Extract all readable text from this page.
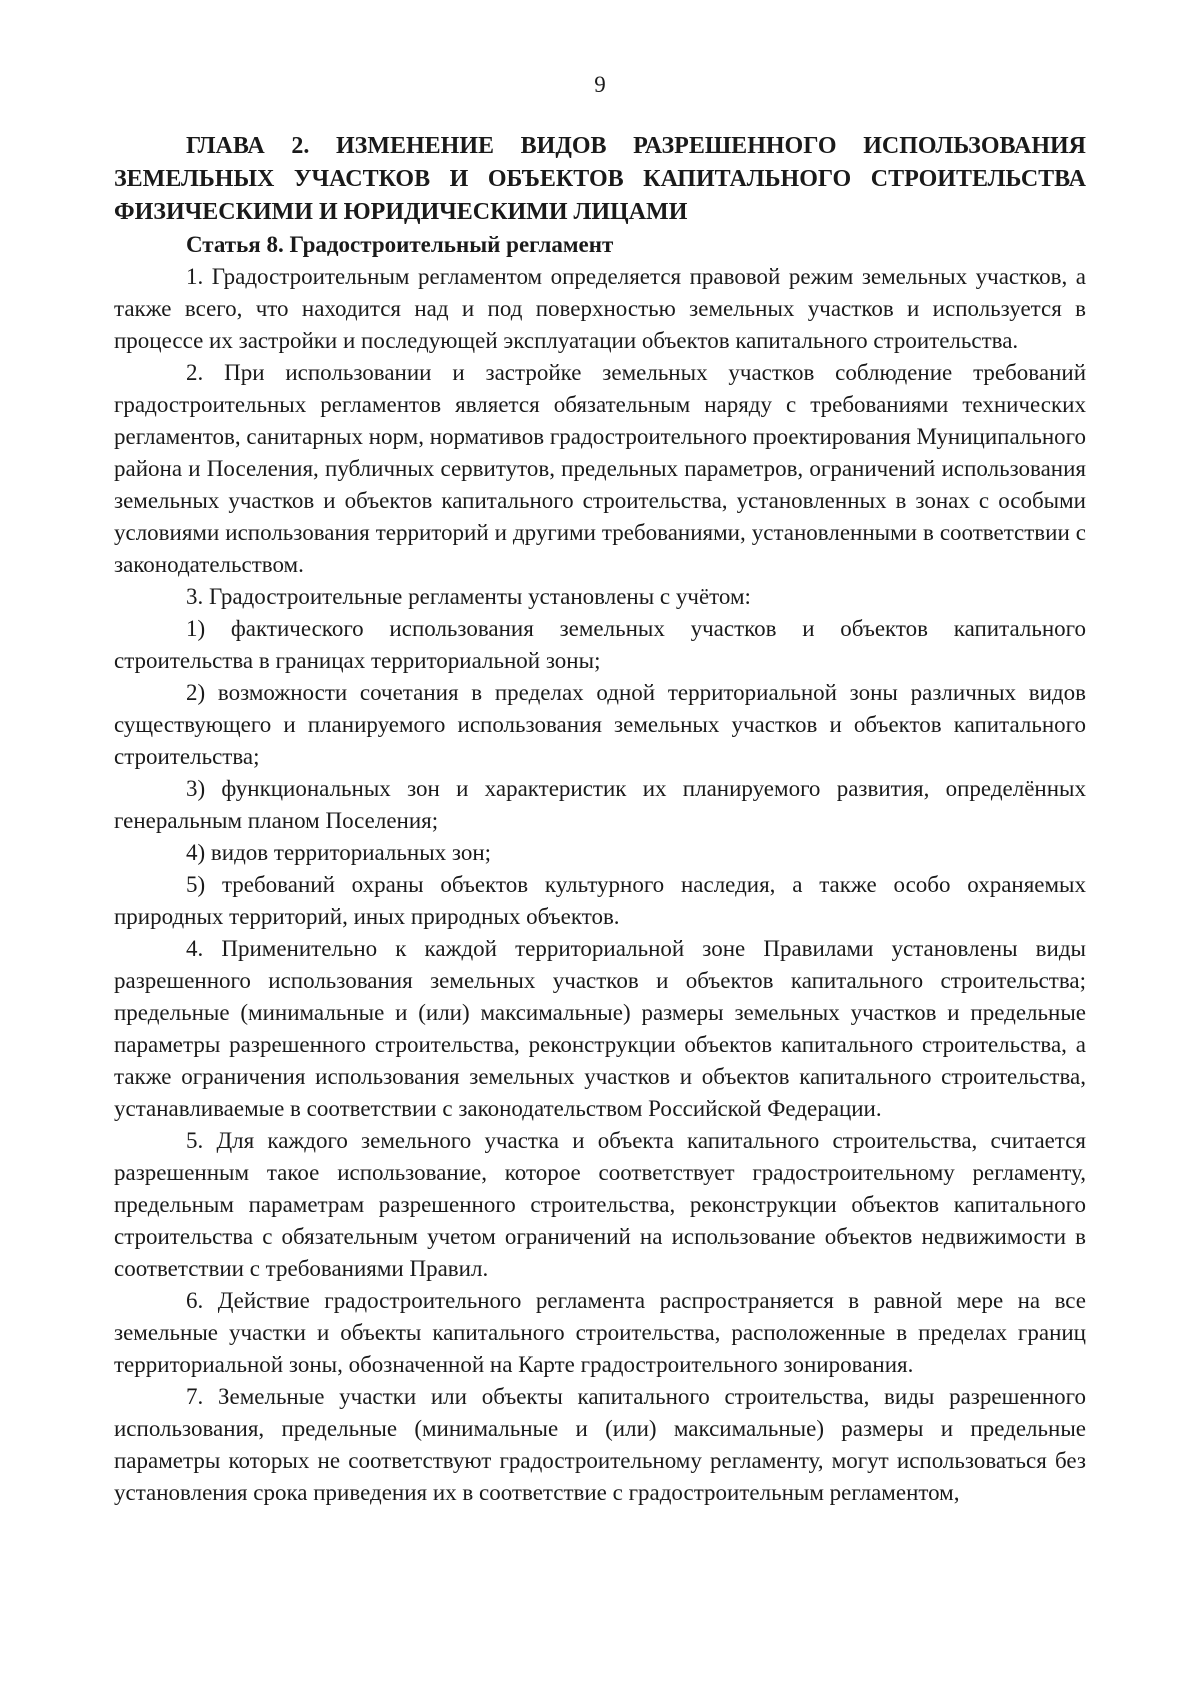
9

ГЛАВА 2. ИЗМЕНЕНИЕ ВИДОВ РАЗРЕШЕННОГО ИСПОЛЬЗОВАНИЯ ЗЕМЕЛЬНЫХ УЧАСТКОВ И ОБЪЕКТОВ КАПИТАЛЬНОГО СТРОИТЕЛЬСТВА ФИЗИЧЕСКИМИ И ЮРИДИЧЕСКИМИ ЛИЦАМИ

Статья 8. Градостроительный регламент

1. Градостроительным регламентом определяется правовой режим земельных участков, а также всего, что находится над и под поверхностью земельных участков и используется в процессе их застройки и последующей эксплуатации объектов капитального строительства.

2. При использовании и застройке земельных участков соблюдение требований градостроительных регламентов является обязательным наряду с требованиями технических регламентов, санитарных норм, нормативов градостроительного проектирования Муниципального района и Поселения, публичных сервитутов, предельных параметров, ограничений использования земельных участков и объектов капитального строительства, установленных в зонах с особыми условиями использования территорий и другими требованиями, установленными в соответствии с законодательством.

3. Градостроительные регламенты установлены с учётом:

1) фактического использования земельных участков и объектов капитального строительства в границах территориальной зоны;

2) возможности сочетания в пределах одной территориальной зоны различных видов существующего и планируемого использования земельных участков и объектов капитального строительства;

3) функциональных зон и характеристик их планируемого развития, определённых генеральным планом Поселения;

4) видов территориальных зон;

5) требований охраны объектов культурного наследия, а также особо охраняемых природных территорий, иных природных объектов.

4. Применительно к каждой территориальной зоне Правилами установлены виды разрешенного использования земельных участков и объектов капитального строительства; предельные (минимальные и (или) максимальные) размеры земельных участков и предельные параметры разрешенного строительства, реконструкции объектов капитального строительства, а также ограничения использования земельных участков и объектов капитального строительства, устанавливаемые в соответствии с законодательством Российской Федерации.

5. Для каждого земельного участка и объекта капитального строительства, считается разрешенным такое использование, которое соответствует градостроительному регламенту, предельным параметрам разрешенного строительства, реконструкции объектов капитального строительства с обязательным учетом ограничений на использование объектов недвижимости в соответствии с требованиями Правил.

6. Действие градостроительного регламента распространяется в равной мере на все земельные участки и объекты капитального строительства, расположенные в пределах границ территориальной зоны, обозначенной на Карте градостроительного зонирования.

7. Земельные участки или объекты капитального строительства, виды разрешенного использования, предельные (минимальные и (или) максимальные) размеры и предельные параметры которых не соответствуют градостроительному регламенту, могут использоваться без установления срока приведения их в соответствие с градостроительным регламентом,
